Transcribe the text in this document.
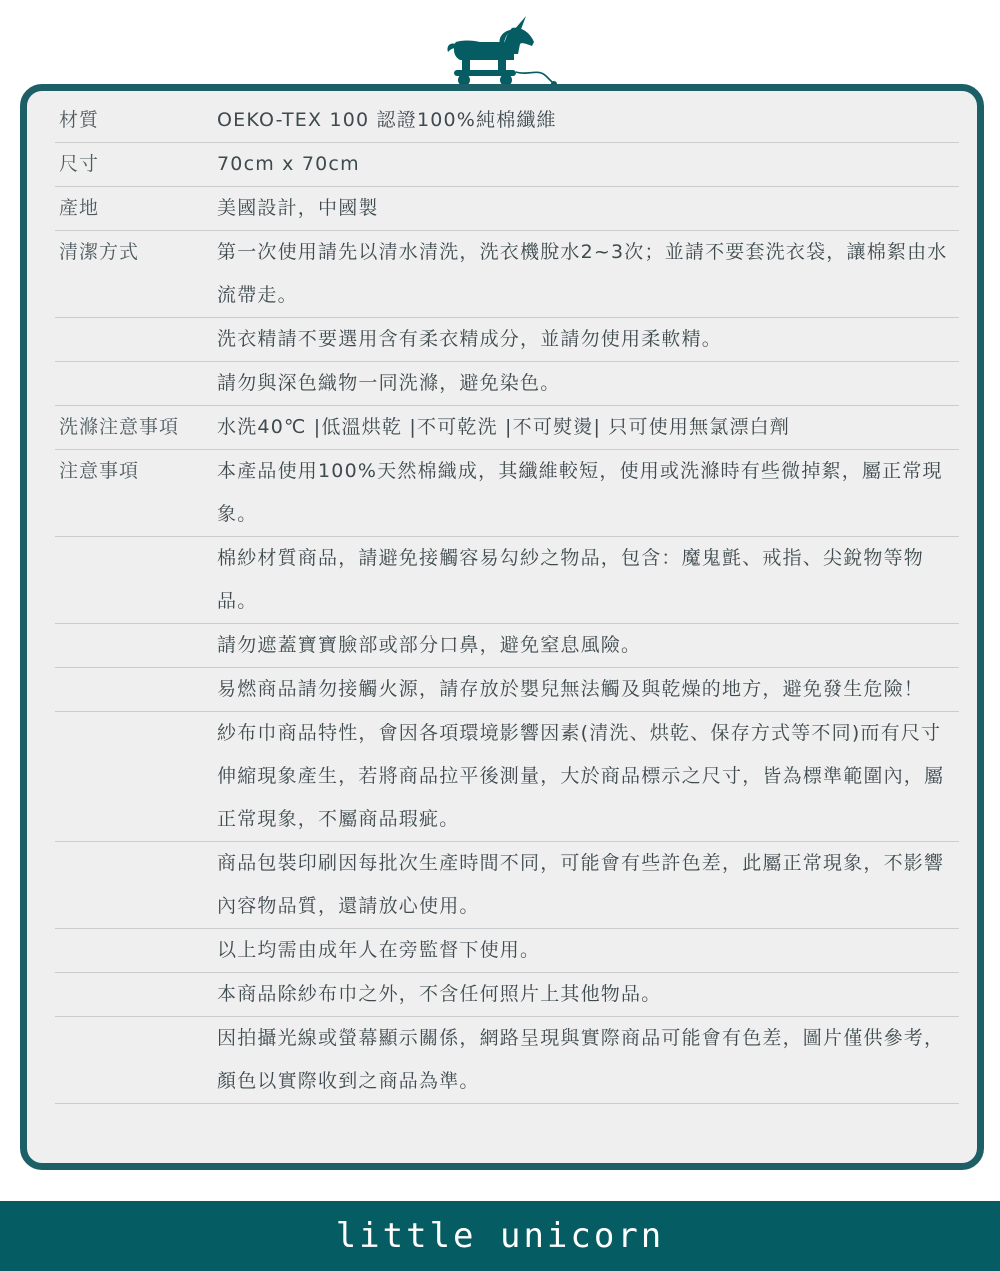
材質	OEKO-TEX 100 認證100%純棉纖維
尺寸	70cm x 70cm
產地	美國設計，中國製
清潔方式	第一次使用請先以清水清洗，洗衣機脫水2~3次；並請不要套洗衣袋，讓棉絮由水流帶走。
洗衣精請不要選用含有柔衣精成分，並請勿使用柔軟精。
請勿與深色織物一同洗滌，避免染色。
洗滌注意事項	水洗40℃ |低溫烘乾 |不可乾洗 |不可熨燙| 只可使用無氯漂白劑
注意事項	本產品使用100%天然棉織成，其纖維較短，使用或洗滌時有些微掉絮，屬正常現象。
棉紗材質商品，請避免接觸容易勾紗之物品，包含：魔鬼氈、戒指、尖銳物等物品。
請勿遮蓋寶寶臉部或部分口鼻，避免窒息風險。
易燃商品請勿接觸火源，請存放於嬰兒無法觸及與乾燥的地方，避免發生危險！
紗布巾商品特性，會因各項環境影響因素(清洗、烘乾、保存方式等不同)而有尺寸伸縮現象產生，若將商品拉平後測量，大於商品標示之尺寸，皆為標準範圍內，屬正常現象，不屬商品瑕疵。
商品包裝印刷因每批次生產時間不同，可能會有些許色差，此屬正常現象，不影響內容物品質，還請放心使用。
以上均需由成年人在旁監督下使用。
本商品除紗布巾之外，不含任何照片上其他物品。
因拍攝光線或螢幕顯示關係，網路呈現與實際商品可能會有色差，圖片僅供參考，顏色以實際收到之商品為準。
little unicorn
